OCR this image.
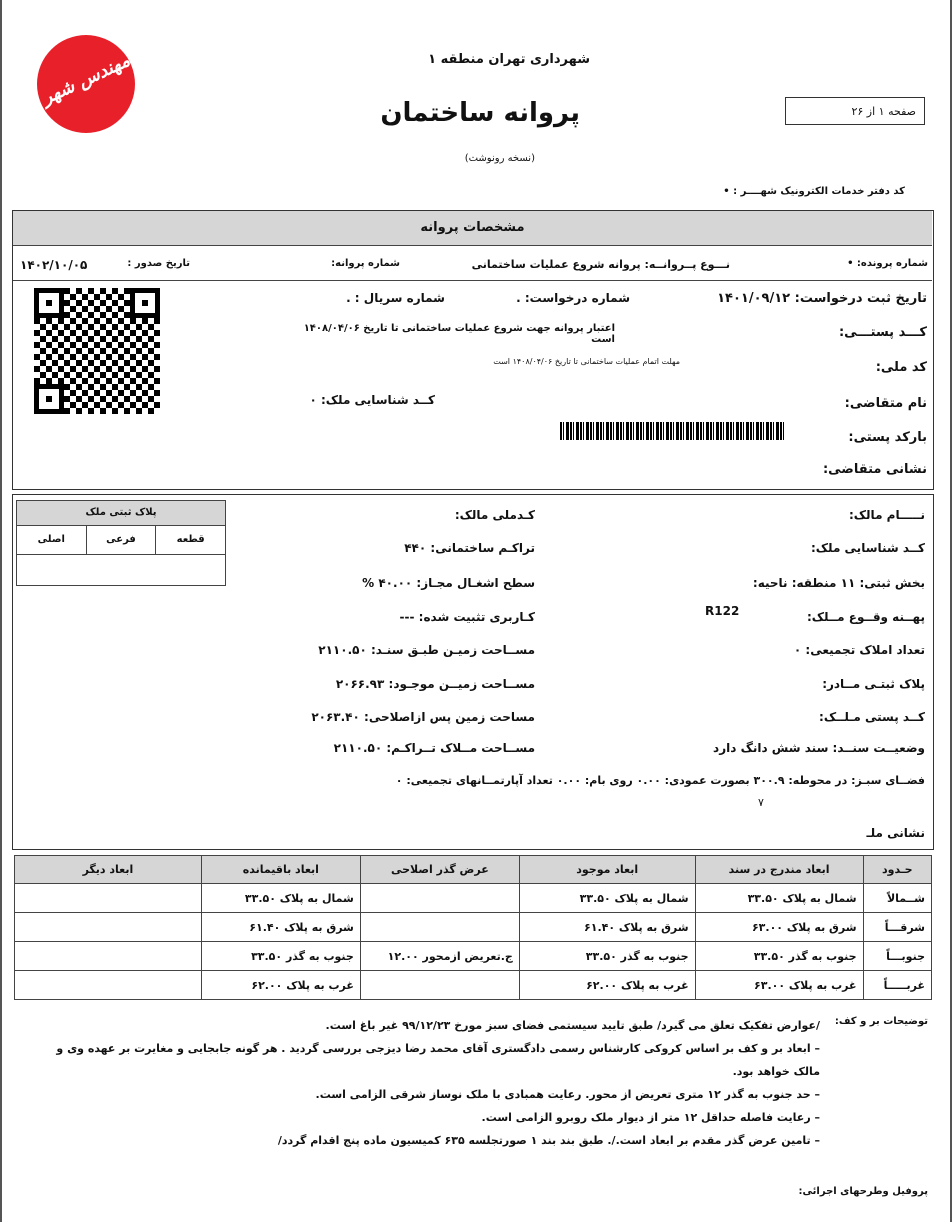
مهندس شهر	شهرداری تهران منطقه ۱
پروانه ساختمان
(نسخه رونوشت)
صفحه ۱ از ۲۶
کد دفتر خدمات الکترونیک شهــــر : •
مشخصات پروانه
شماره پرونده: •
نـــوع پــروانــه: پروانه شروع عملیات ساختمانی
شماره پروانه:
تاریخ صدور :
۱۴۰۲/۱۰/۰۵
تاریخ ثبت درخواست: ۱۴۰۱/۰۹/۱۲
شماره درخواست: .
شماره سریال : .
کـــد پستـــی:
اعتبار پروانه جهت شروع عملیات ساختمانی تا تاریخ ۱۴۰۸/۰۴/۰۶ است
کد ملی:
مهلت اتمام عملیات ساختمانی تا تاریخ ۱۴۰۸/۰۴/۰۶ است
نام متقاضی:
کــد شناسایی ملک: ۰
بارکد پستی:
نشانی متقاضی:
پلاک ثبتی ملک
قطعه
فرعی
اصلی
نـــــام مالک:
کـدملی مالک:
کــد شناسایی ملک:
تراکـم ساختمانی: ۴۴۰
بخش ثبتی: ۱۱ منطقه: ناحیه:
سطح اشغـال مجـاز: ۴۰.۰۰ %
پهــنه وقــوع مــلک:
R122
کـاربری تثبیت شده: ---
تعداد املاک تجمیعی: ۰
مســاحت زمیـن طبـق سنـد: ۲۱۱۰.۵۰
پلاک ثبتـی مــادر:
مســاحت زمیــن موجـود: ۲۰۶۶.۹۳
کــد پستی مـلــک:
مساحت زمین پس ازاصلاحی: ۲۰۶۳.۴۰
وضعیــت سنــد: سند شش دانگ دارد
مســاحت مــلاک تــراکـم: ۲۱۱۰.۵۰
فضــای سبـز: در محوطه: ۳۰۰.۹ بصورت عمودی: ۰.۰۰ روی بام: ۰.۰۰ تعداد آپارتمــانهای تجمیعی: ۰
۷
نشانی ملـ
ابعاد دیگر	ابعاد باقیمانده	عرض گذر اصلاحی	ابعاد موجود	ابعاد مندرج در سند	حـدود
	شمال به پلاک ۳۳.۵۰		شمال به پلاک ۳۳.۵۰	شمال به پلاک ۳۳.۵۰	شــمالاً
	شرق به پلاک ۶۱.۴۰		شرق به پلاک ۶۱.۴۰	شرق به پلاک ۶۳.۰۰	شرقـــاً
	جنوب به گذر ۳۳.۵۰	ج.تعریض ازمحور ۱۲.۰۰	جنوب به گذر ۳۳.۵۰	جنوب به گذر ۳۳.۵۰	جنوبـــاً
	غرب به پلاک ۶۲.۰۰		غرب به پلاک ۶۲.۰۰	غرب به پلاک ۶۳.۰۰	غربـــــاً
توضیحات بر و کف:
/عوارض تفکیک تعلق می گیرد/ طبق تایید سیستمی فضای سبز مورخ ۹۹/۱۲/۲۳ غیر باغ است.
– ابعاد بر و کف بر اساس کروکی کارشناس رسمی دادگستری آقای محمد رضا دیزجی بررسی گردید . هر گونه جابجایی و مغایرت بر عهده وی و
مالک خواهد بود.
– حد جنوب به گذر ۱۲ متری تعریض از محور. رعایت همبادی با ملک نوساز شرقی الزامی است.
– رعایت فاصله حداقل ۱۲ متر از دیوار ملک روبرو الزامی است.
– تامین عرض گذر مقدم بر ابعاد است./. طبق بند بند ۱ صورتجلسه ۶۳۵ کمیسیون ماده پنج اقدام گردد/
پروفیل وطرحهای اجرائی:
